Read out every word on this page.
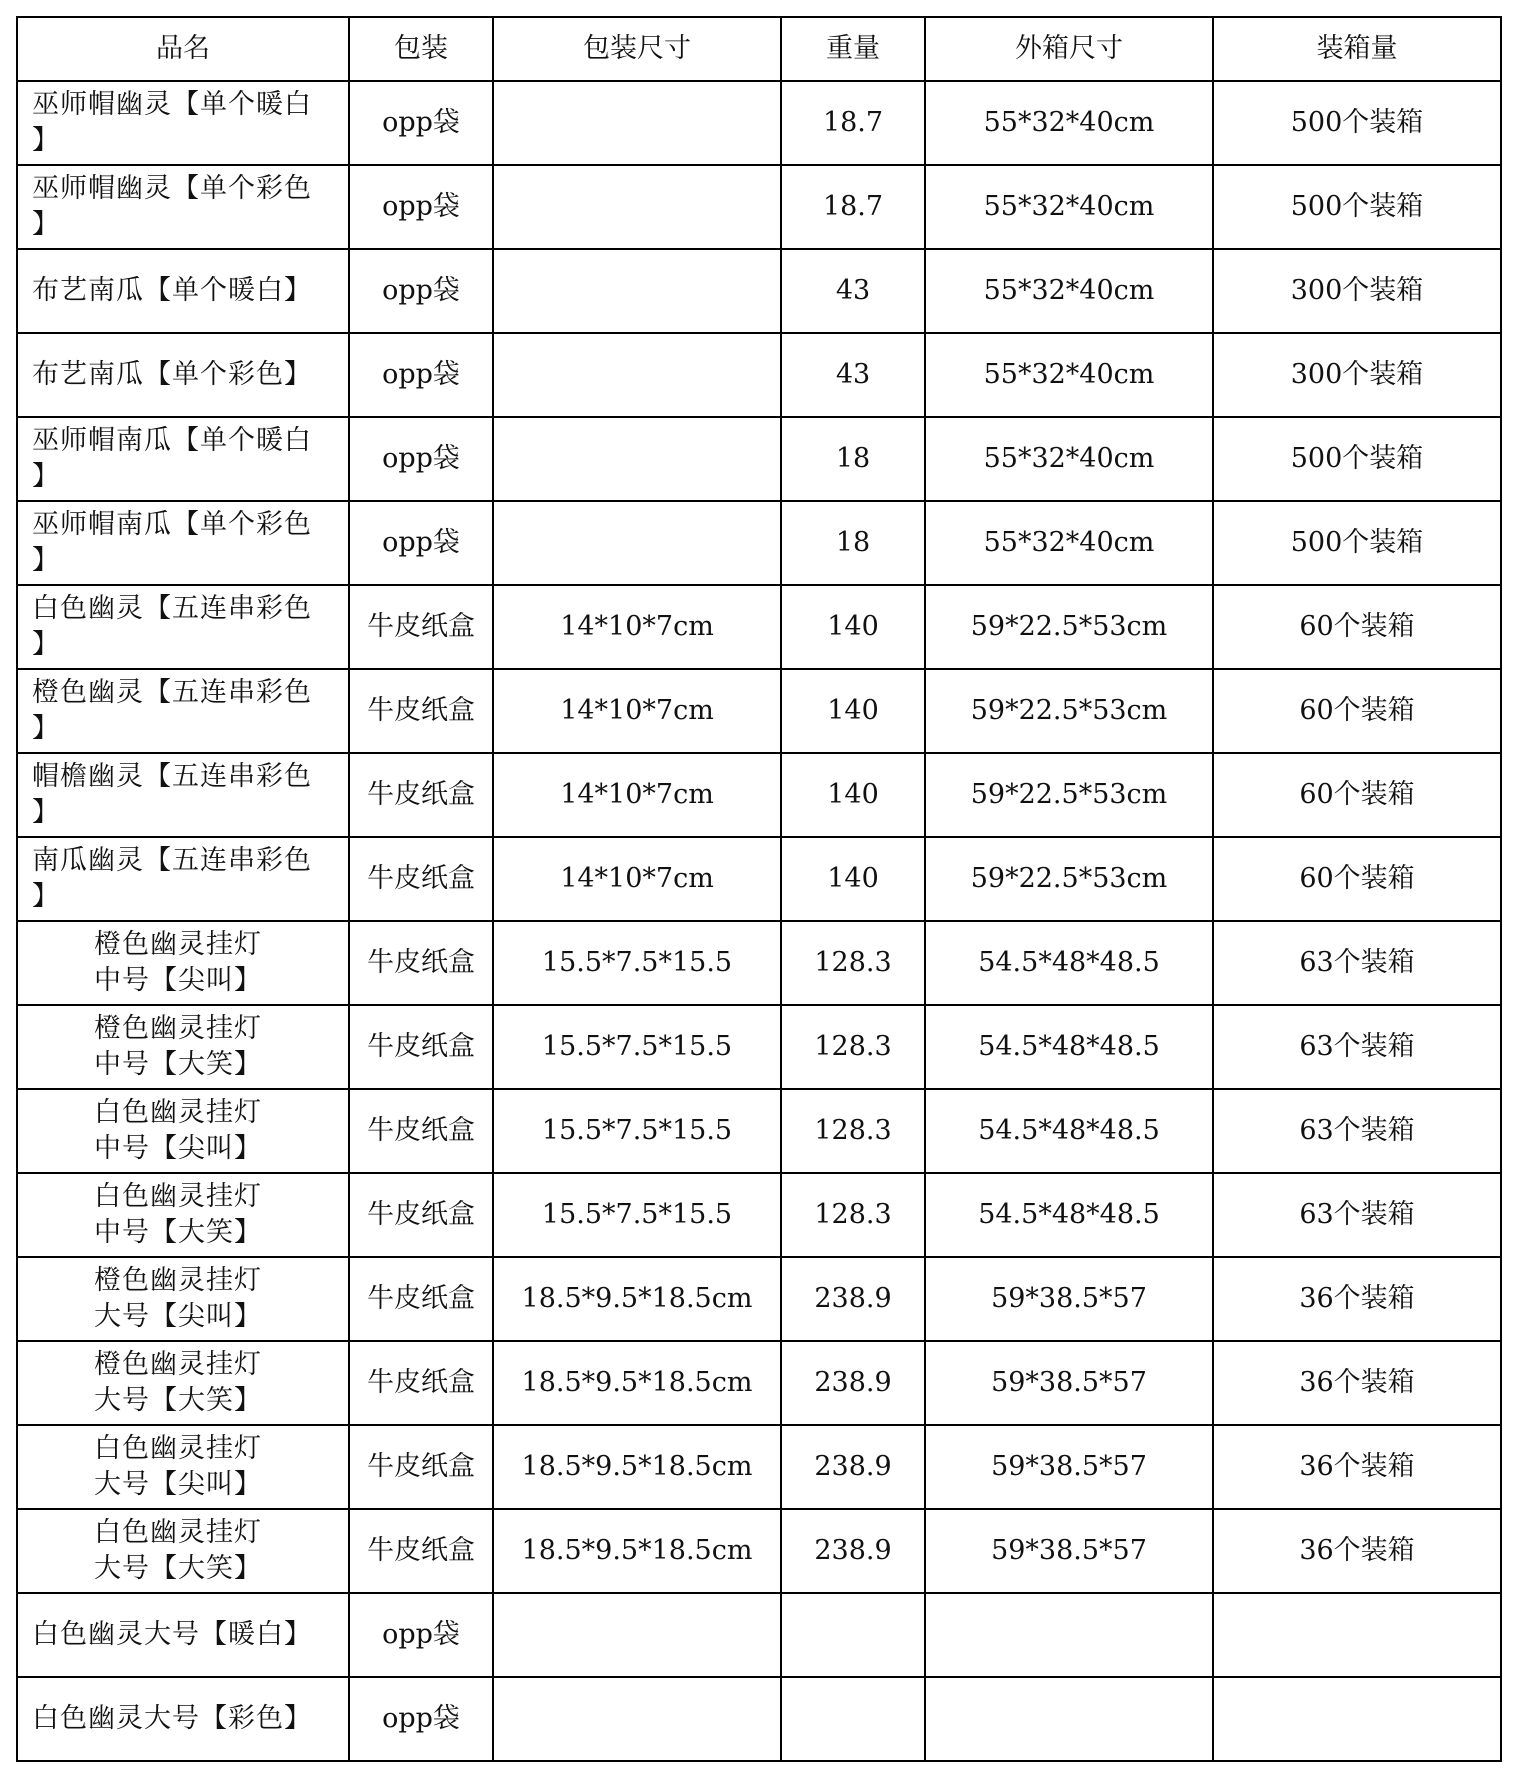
品名	包装	包装尺寸	重量	外箱尺寸	装箱量

巫师帽幽灵【单个暖白
】	opp袋		18.7	55*32*40cm	500个装箱

巫师帽幽灵【单个彩色
】	opp袋		18.7	55*32*40cm	500个装箱

布艺南瓜【单个暖白】	opp袋		43	55*32*40cm	300个装箱

布艺南瓜【单个彩色】	opp袋		43	55*32*40cm	300个装箱

巫师帽南瓜【单个暖白
】	opp袋		18	55*32*40cm	500个装箱

巫师帽南瓜【单个彩色
】	opp袋		18	55*32*40cm	500个装箱

白色幽灵【五连串彩色
】	牛皮纸盒	14*10*7cm	140	59*22.5*53cm	60个装箱

橙色幽灵【五连串彩色
】	牛皮纸盒	14*10*7cm	140	59*22.5*53cm	60个装箱

帽檐幽灵【五连串彩色
】	牛皮纸盒	14*10*7cm	140	59*22.5*53cm	60个装箱

南瓜幽灵【五连串彩色
】	牛皮纸盒	14*10*7cm	140	59*22.5*53cm	60个装箱

橙色幽灵挂灯
中号【尖叫】	牛皮纸盒	15.5*7.5*15.5	128.3	54.5*48*48.5	63个装箱

橙色幽灵挂灯
中号【大笑】	牛皮纸盒	15.5*7.5*15.5	128.3	54.5*48*48.5	63个装箱

白色幽灵挂灯
中号【尖叫】	牛皮纸盒	15.5*7.5*15.5	128.3	54.5*48*48.5	63个装箱

白色幽灵挂灯
中号【大笑】	牛皮纸盒	15.5*7.5*15.5	128.3	54.5*48*48.5	63个装箱

橙色幽灵挂灯
大号【尖叫】	牛皮纸盒	18.5*9.5*18.5cm	238.9	59*38.5*57	36个装箱

橙色幽灵挂灯
大号【大笑】	牛皮纸盒	18.5*9.5*18.5cm	238.9	59*38.5*57	36个装箱

白色幽灵挂灯
大号【尖叫】	牛皮纸盒	18.5*9.5*18.5cm	238.9	59*38.5*57	36个装箱

白色幽灵挂灯
大号【大笑】	牛皮纸盒	18.5*9.5*18.5cm	238.9	59*38.5*57	36个装箱

白色幽灵大号【暖白】	opp袋				

白色幽灵大号【彩色】	opp袋				
